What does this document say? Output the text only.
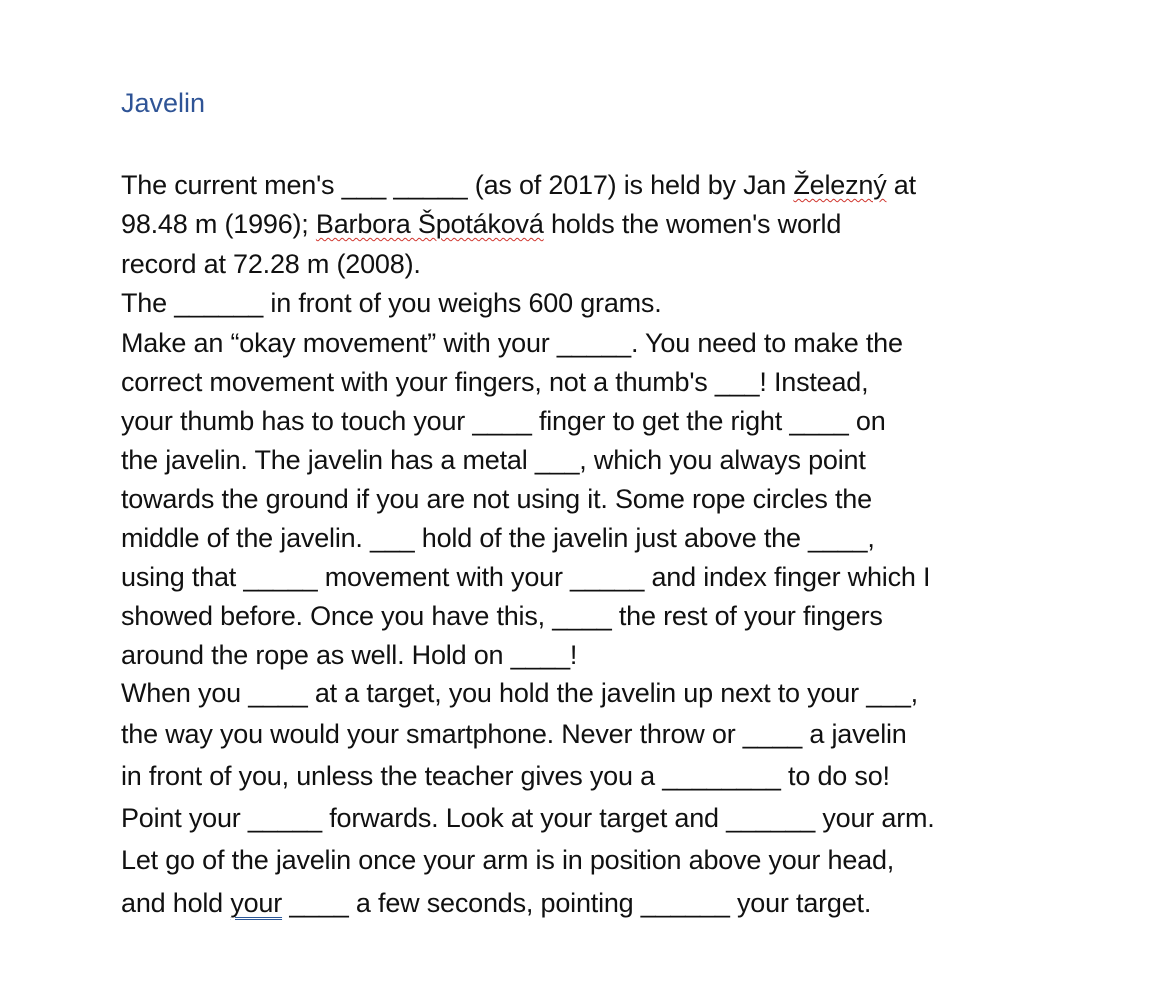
Javelin
The current men's ___ _____ (as of 2017) is held by Jan Železný at
98.48 m (1996); Barbora Špotáková holds the women's world
record at 72.28 m (2008).
The ______ in front of you weighs 600 grams.
Make an “okay movement” with your _____. You need to make the
correct movement with your fingers, not a thumb's ___! Instead,
your thumb has to touch your ____ finger to get the right ____ on
the javelin. The javelin has a metal ___, which you always point
towards the ground if you are not using it. Some rope circles the
middle of the javelin. ___ hold of the javelin just above the ____,
using that _____ movement with your _____ and index finger which I
showed before. Once you have this, ____ the rest of your fingers
around the rope as well. Hold on ____!
When you ____ at a target, you hold the javelin up next to your ___,
the way you would your smartphone. Never throw or ____ a javelin
in front of you, unless the teacher gives you a ________ to do so!
Point your _____ forwards. Look at your target and ______ your arm.
Let go of the javelin once your arm is in position above your head,
and hold your ____ a few seconds, pointing ______ your target.
